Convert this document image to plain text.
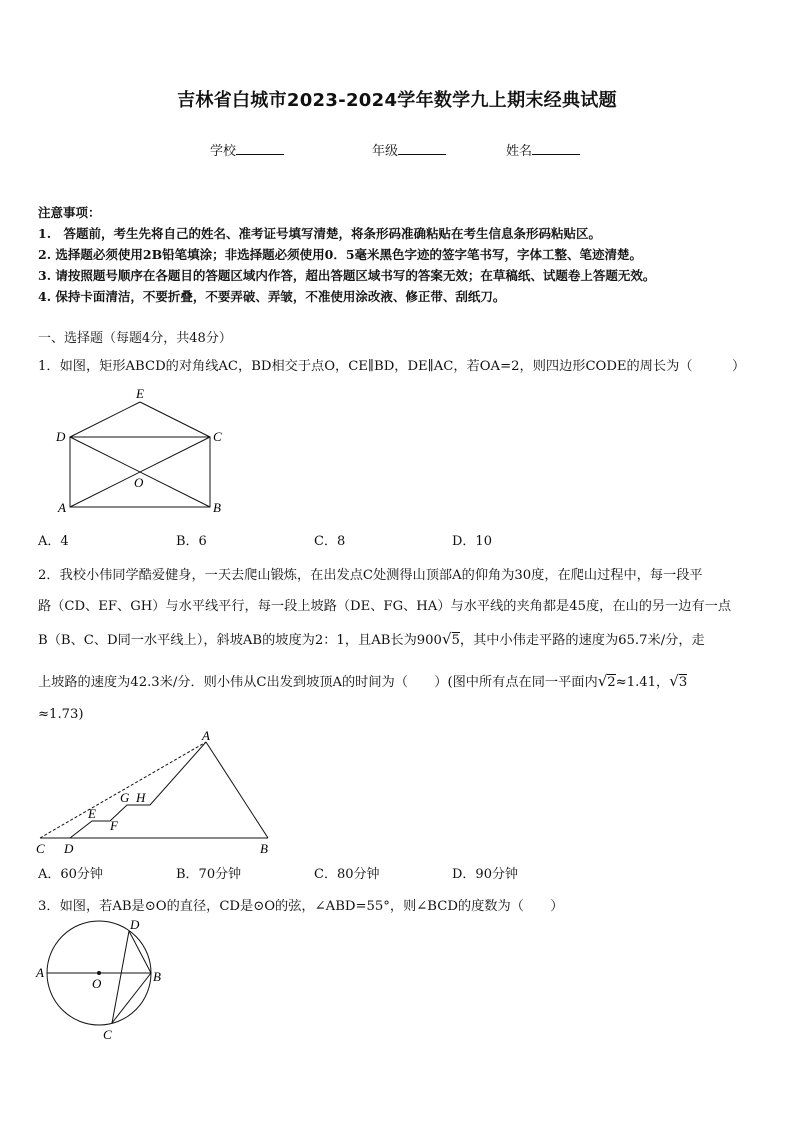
吉林省白城市2023-2024学年数学九上期末经典试题
学校	年级	姓名
注意事项：
1.　答题前，考生先将自己的姓名、准考证号填写清楚，将条形码准确粘贴在考生信息条形码粘贴区。
2. 选择题必须使用2B铅笔填涂；非选择题必须使用0．5毫米黑色字迹的签字笔书写，字体工整、笔迹清楚。
3. 请按照题号顺序在各题目的答题区域内作答，超出答题区域书写的答案无效；在草稿纸、试题卷上答题无效。
4. 保持卡面清洁，不要折叠，不要弄破、弄皱，不准使用涂改液、修正带、刮纸刀。
一、选择题（每题4分，共48分）
1．如图，矩形ABCD的对角线AC，BD相交于点O，CE∥BD，DE∥AC，若OA=2，则四边形CODE的周长为（　　　）
E
D	C
O
A	B
A．4	B．6	C．8	D．10
2．我校小伟同学酷爱健身，一天去爬山锻炼，在出发点C处测得山顶部A的仰角为30度，在爬山过程中，每一段平
路（CD、EF、GH）与水平线平行，每一段上坡路（DE、FG、HA）与水平线的夹角都是45度，在山的另一边有一点
B（B、C、D同一水平线上），斜坡AB的坡度为2：1，且AB长为900√5，其中小伟走平路的速度为65.7米/分，走
上坡路的速度为42.3米/分．则小伟从C出发到坡顶A的时间为（　　）(图中所有点在同一平面内√2≈1.41，√3
≈1.73)
A
G H
E
F
C D	B
A．60分钟	B．70分钟	C．80分钟	D．90分钟
3．如图，若AB是⊙O的直径，CD是⊙O的弦，∠ABD=55°，则∠BCD的度数为（　　）
D
A
O	B
C
